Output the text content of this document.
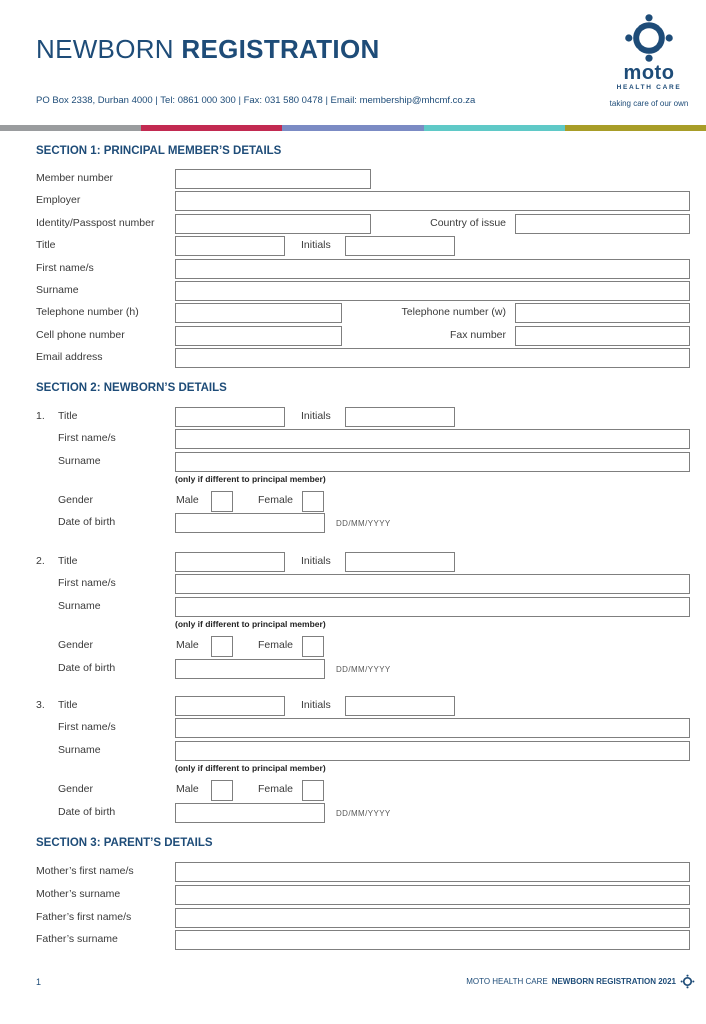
NEWBORN REGISTRATION
moto
HEALTH CARE
taking care of our own
PO Box 2338, Durban 4000 | Tel: 0861 000 300 | Fax: 031 580 0478 | Email: membership@mhcmf.co.za
SECTION 1: PRINCIPAL MEMBER’S DETAILS
Member number
Employer
Identity/Passpost number	Country of issue
Title	Initials
First name/s
Surname
Telephone number (h)	Telephone number (w)
Cell phone number	Fax number
Email address
SECTION 2: NEWBORN’S DETAILS
1. Title	Initials
First name/s
Surname
(only if different to principal member)
Gender	Male	Female
Date of birth	DD/MM/YYYY
2. Title	Initials
First name/s
Surname
(only if different to principal member)
Gender	Male	Female
Date of birth	DD/MM/YYYY
3. Title	Initials
First name/s
Surname
(only if different to principal member)
Gender	Male	Female
Date of birth	DD/MM/YYYY
SECTION 3: PARENT’S DETAILS
Mother’s first name/s
Mother’s surname
Father’s first name/s
Father’s surname
1	MOTO HEALTH CARE NEWBORN REGISTRATION 2021
